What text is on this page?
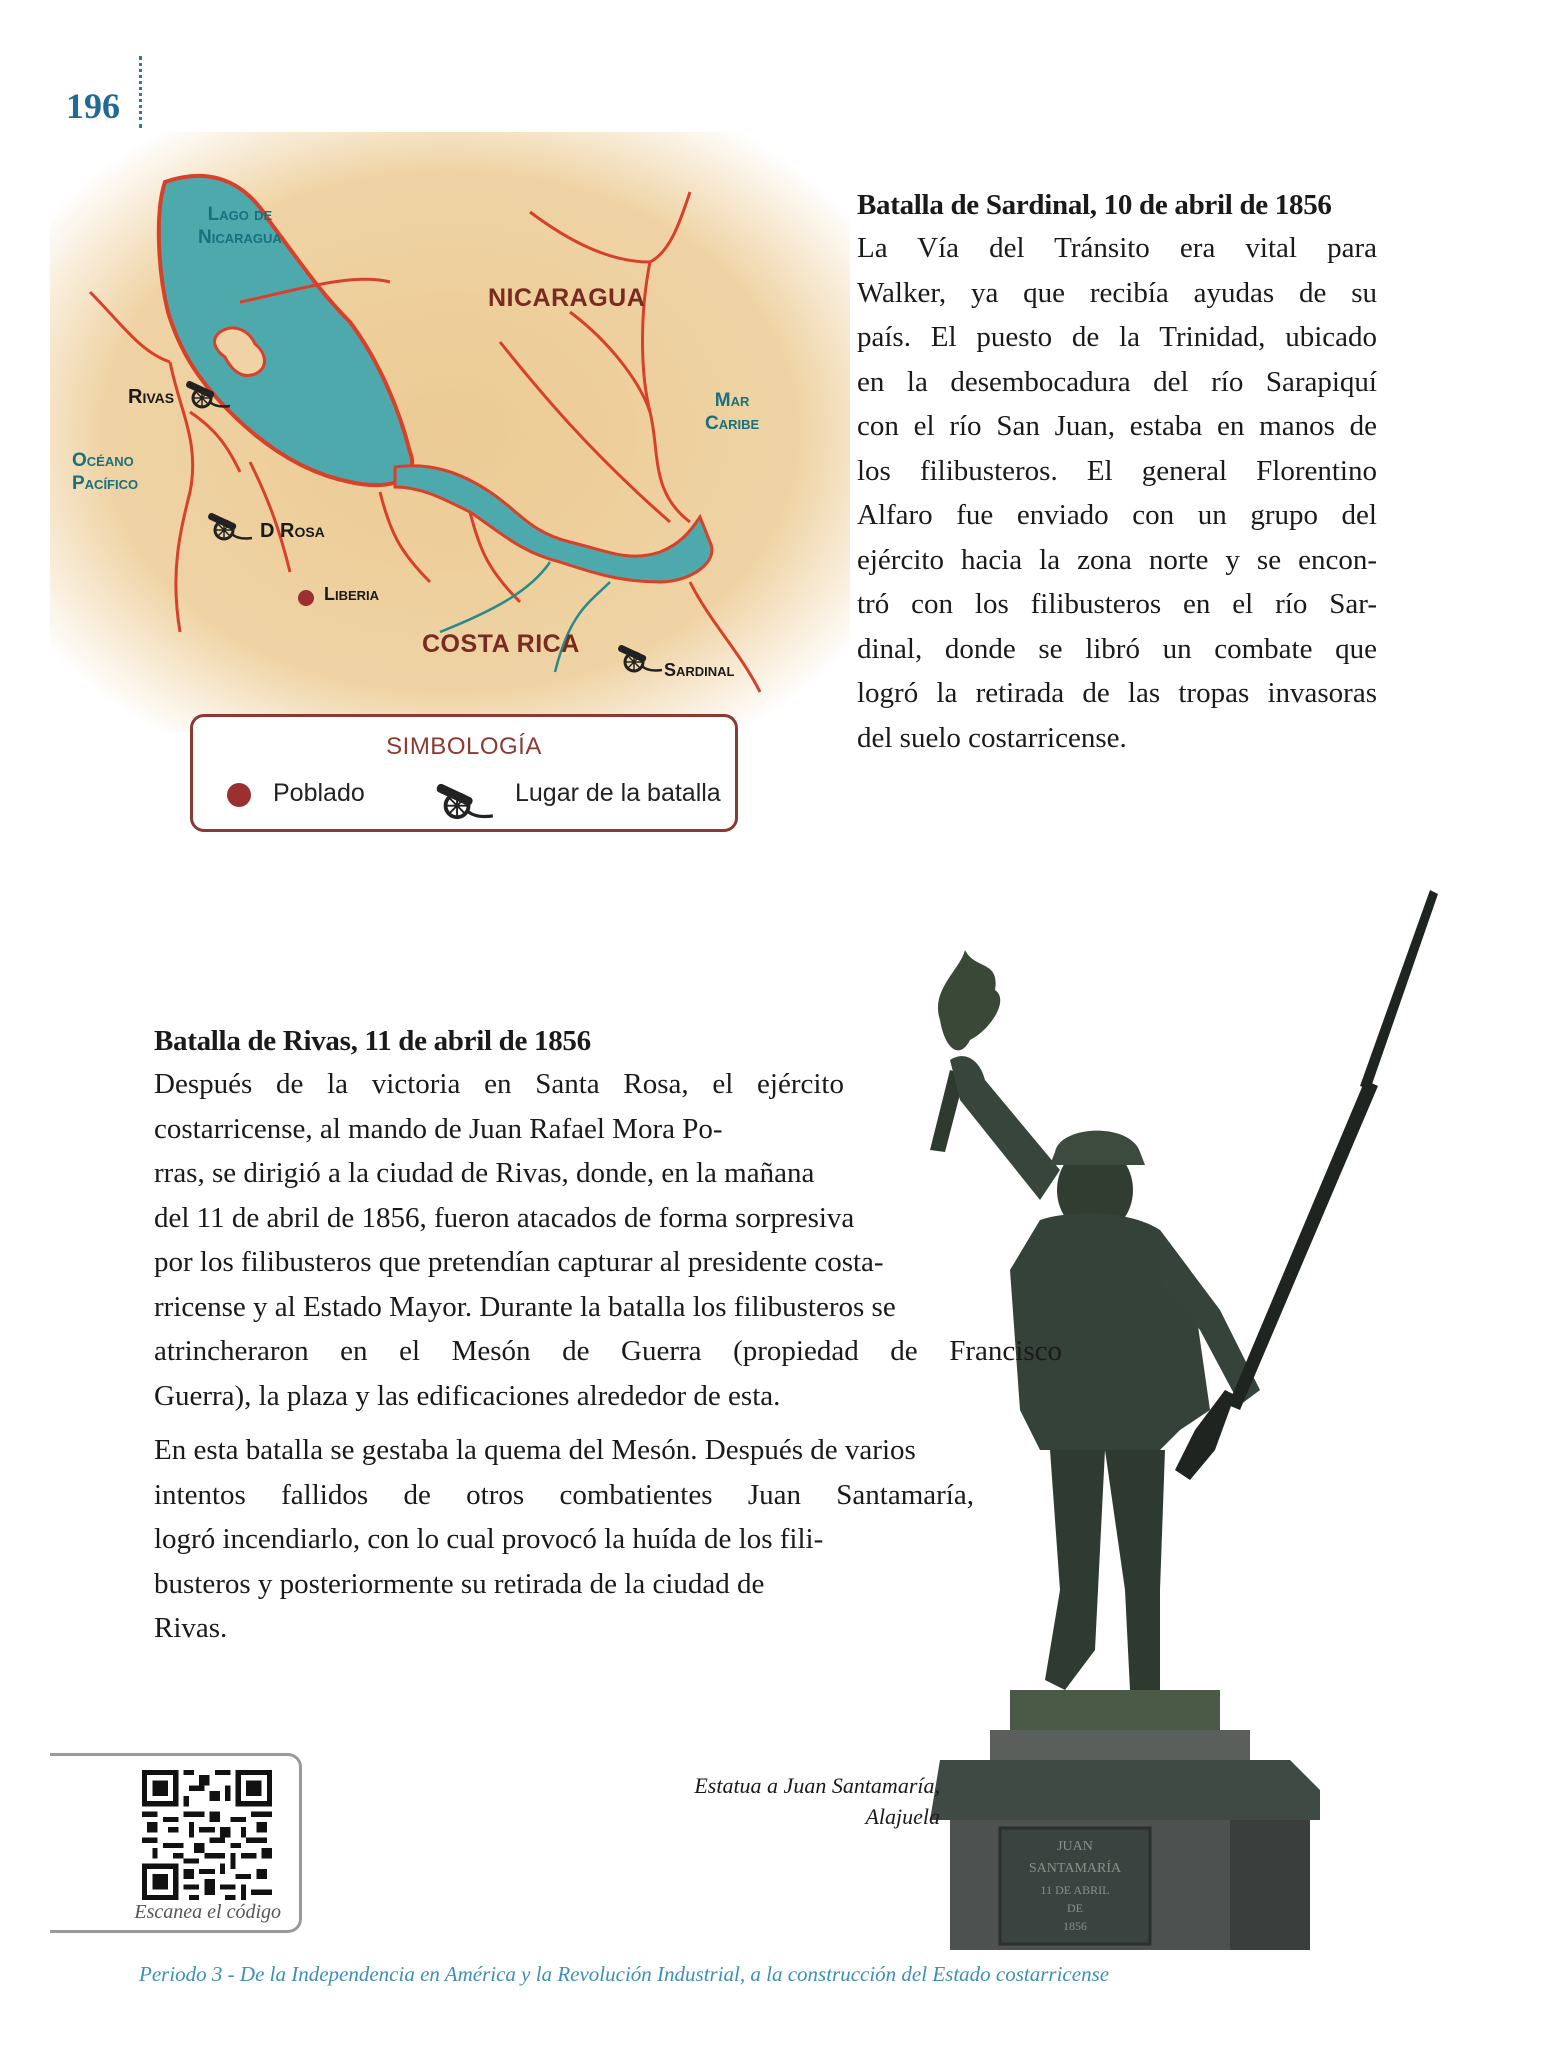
196
Lago de
Nicaragua
NICARAGUA
Mar
Caribe
Océano
Pacífico
COSTA RICA
Rivas
D Rosa
Liberia
Sardinal
SIMBOLOGÍA
Poblado	Lugar de la batalla
Batalla de Sardinal, 10 de abril de 1856

La Vía del Tránsito era vital para
Walker, ya que recibía ayudas de su
país. El puesto de la Trinidad, ubicado
en la desembocadura del río Sarapiquí
con el río San Juan, estaba en manos de
los filibusteros. El general Florentino
Alfaro fue enviado con un grupo del
ejército hacia la zona norte y se encon-
tró con los filibusteros en el río Sar-
dinal, donde se libró un combate que
logró la retirada de las tropas invasoras
del suelo costarricense.

JUAN
SANTAMARÍA
11 DE ABRIL
DE
1856
Batalla de Rivas, 11 de abril de 1856

Después de la victoria en Santa Rosa, el ejército
costarricense, al mando de Juan Rafael Mora Po-
rras, se dirigió a la ciudad de Rivas, donde, en la mañana
del 11 de abril de 1856, fueron atacados de forma sorpresiva
por los filibusteros que pretendían capturar al presidente costa-
rricense y al Estado Mayor. Durante la batalla los filibusteros se
atrincheraron en el Mesón de Guerra (propiedad de Francisco
Guerra), la plaza y las edificaciones alrededor de esta.

En esta batalla se gestaba la quema del Mesón. Después de varios
intentos fallidos de otros combatientes Juan Santamaría,
logró incendiarlo, con lo cual provocó la huída de los fili-
busteros y posteriormente su retirada de la ciudad de
Rivas.

Estatua a Juan Santamaría,
Alajuela
Escanea el código
Periodo 3 - De la Independencia en América y la Revolución Industrial, a la construcción del Estado costarricense
